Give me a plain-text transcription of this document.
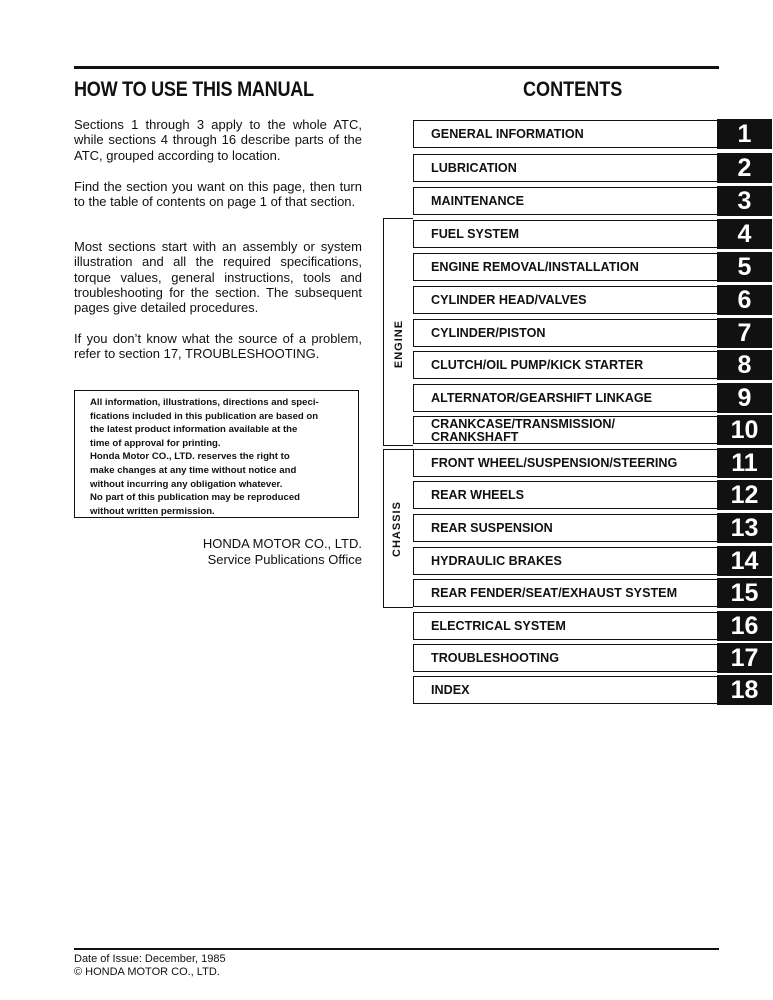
HOW TO USE THIS MANUAL	CONTENTS

Sections 1 through 3 apply to the whole ATC, while sections 4 through 16 describe parts of the ATC, grouped according to location.

Find the section you want on this page, then turn to the table of contents on page 1 of that section.

Most sections start with an assembly or system illustration and all the required specifications, torque values, general instructions, tools and troubleshooting for the section. The subsequent pages give detailed procedures.

If you don’t know what the source of a problem, refer to section 17, TROUBLESHOOTING.

All information, illustrations, directions and speci-
fications included in this publication are based on
the latest product information available at the
time of approval for printing.
Honda Motor CO., LTD. reserves the right to
make changes at any time without notice and
without incurring any obligation whatever.
No part of this publication may be reproduced
without written permission.
HONDA MOTOR CO., LTD.
Service Publications Office
ENGINE
CHASSIS
GENERAL INFORMATION	1
LUBRICATION	2
MAINTENANCE	3
FUEL SYSTEM	4
ENGINE REMOVAL/INSTALLATION	5
CYLINDER HEAD/VALVES	6
CYLINDER/PISTON	7
CLUTCH/OIL PUMP/KICK STARTER	8
ALTERNATOR/GEARSHIFT LINKAGE	9
CRANKCASE/TRANSMISSION/
CRANKSHAFT	10
FRONT WHEEL/SUSPENSION/STEERING	11
REAR WHEELS	12
REAR SUSPENSION	13
HYDRAULIC BRAKES	14
REAR FENDER/SEAT/EXHAUST SYSTEM	15
ELECTRICAL SYSTEM	16
TROUBLESHOOTING	17
INDEX	18
Date of Issue: December, 1985
© HONDA MOTOR CO., LTD.
